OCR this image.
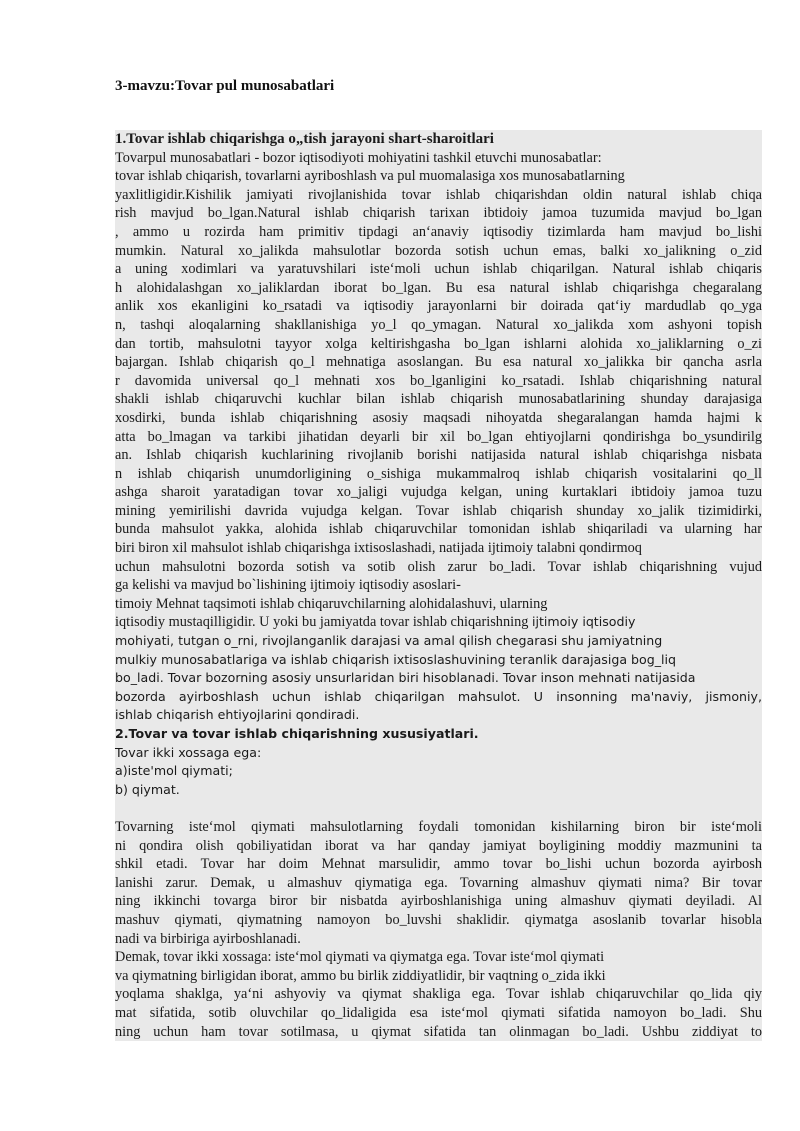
3-mavzu:Tovar pul munosabatlari

1.Tovar ishlab chiqarishga o„tish jarayoni shart-sharoitlari

Tovarpul munosabatlari - bozor iqtisodiyoti mohiyatini tashkil etuvchi munosabatlar:

tovar ishlab chiqarish, tovarlarni ayriboshlash va pul muomalasiga xos munosabatlarning

yaxlitligidir.Kishilik jamiyati rivojlanishida tovar ishlab chiqarishdan oldin natural ishlab chiqa

rish mavjud bo_lgan.Natural ishlab chiqarish tarixan ibtidoiy jamoa tuzumida mavjud bo_lgan

, ammo u rozirda ham primitiv tipdagi an‘anaviy iqtisodiy tizimlarda ham mavjud bo_lishi

mumkin. Natural xo_jalikda mahsulotlar bozorda sotish uchun emas, balki xo_jalikning o_zid

a uning xodimlari va yaratuvshilari iste‘moli uchun ishlab chiqarilgan. Natural ishlab chiqaris

h alohidalashgan xo_jaliklardan iborat bo_lgan. Bu esa natural ishlab chiqarishga chegaralang

anlik xos ekanligini ko_rsatadi va iqtisodiy jarayonlarni bir doirada qat‘iy mardudlab qo_yga

n, tashqi aloqalarning shakllanishiga yo_l qo_ymagan. Natural xo_jalikda xom ashyoni topish

dan tortib, mahsulotni tayyor xolga keltirishgasha bo_lgan ishlarni alohida xo_jaliklarning o_zi

bajargan. Ishlab chiqarish qo_l mehnatiga asoslangan. Bu esa natural xo_jalikka bir qancha asrla

r davomida universal qo_l mehnati xos bo_lganligini ko_rsatadi. Ishlab chiqarishning natural

shakli ishlab chiqaruvchi kuchlar bilan ishlab chiqarish munosabatlarining shunday darajasiga

xosdirki, bunda ishlab chiqarishning asosiy maqsadi nihoyatda shegaralangan hamda hajmi k

atta bo_lmagan va tarkibi jihatidan deyarli bir xil bo_lgan ehtiyojlarni qondirishga bo_ysundirilg

an. Ishlab chiqarish kuchlarining rivojlanib borishi natijasida natural ishlab chiqarishga nisbata

n ishlab chiqarish unumdorligining o_sishiga mukammalroq ishlab chiqarish vositalarini qo_ll

ashga sharoit yaratadigan tovar xo_jaligi vujudga kelgan, uning kurtaklari ibtidoiy jamoa tuzu

mining yemirilishi davrida vujudga kelgan. Tovar ishlab chiqarish shunday xo_jalik tizimidirki,

bunda mahsulot yakka, alohida ishlab chiqaruvchilar tomonidan ishlab shiqariladi va ularning har

biri biron xil mahsulot ishlab chiqarishga ixtisoslashadi, natijada ijtimoiy talabni qondirmoq

uchun mahsulotni bozorda sotish va sotib olish zarur bo_ladi. Tovar ishlab chiqarishning vujud

ga kelishi va mavjud bo`lishining ijtimoiy iqtisodiy asoslari-

timoiy Mehnat taqsimoti ishlab chiqaruvchilarning alohidalashuvi, ularning

iqtisodiy mustaqilligidir. U yoki bu jamiyatda tovar ishlab chiqarishning ijtimoiy iqtisodiy

mohiyati, tutgan o_rni, rivojlanganlik darajasi va amal qilish chegarasi shu jamiyatning

mulkiy munosabatlariga va ishlab chiqarish ixtisoslashuvining teranlik darajasiga bog_liq

bo_ladi. Tovar bozorning asosiy unsurlaridan biri hisoblanadi. Tovar inson mehnati natijasida

bozorda ayirboshlash uchun ishlab chiqarilgan mahsulot. U insonning ma'naviy, jismoniy,

ishlab chiqarish ehtiyojlarini qondiradi.

2.Tovar va tovar ishlab chiqarishning xususiyatlari.

Tovar ikki xossaga ega:

a)iste'mol qiymati;

b) qiymat.

Tovarning iste‘mol qiymati mahsulotlarning foydali tomonidan kishilarning biron bir iste‘moli

ni qondira olish qobiliyatidan iborat va har qanday jamiyat boyligining moddiy mazmunini ta

shkil etadi. Tovar har doim Mehnat marsulidir, ammo tovar bo_lishi uchun bozorda ayirbosh

lanishi zarur. Demak, u almashuv qiymatiga ega. Tovarning almashuv qiymati nima? Bir tovar

ning ikkinchi tovarga biror bir nisbatda ayirboshlanishiga uning almashuv qiymati deyiladi. Al

mashuv qiymati, qiymatning namoyon bo_luvshi shaklidir. qiymatga asoslanib tovarlar hisobla

nadi va birbiriga ayirboshlanadi.

Demak, tovar ikki xossaga: iste‘mol qiymati va qiymatga ega. Tovar iste‘mol qiymati

va qiymatning birligidan iborat, ammo bu birlik ziddiyatlidir, bir vaqtning o_zida ikki

yoqlama shaklga, ya‘ni ashyoviy va qiymat shakliga ega. Tovar ishlab chiqaruvchilar qo_lida qiy

mat sifatida, sotib oluvchilar qo_lidaligida esa iste‘mol qiymati sifatida namoyon bo_ladi. Shu

ning uchun ham tovar sotilmasa, u qiymat sifatida tan olinmagan bo_ladi. Ushbu ziddiyat to
